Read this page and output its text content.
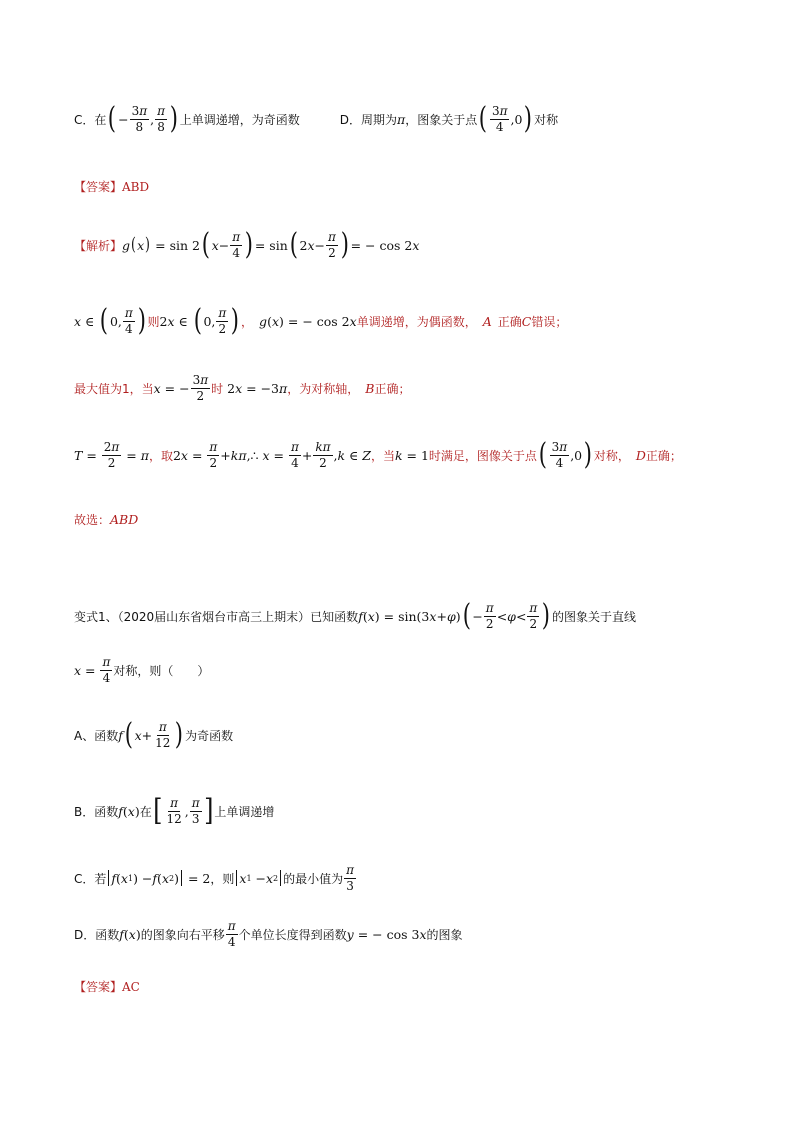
C．在 ( − $\frac{3\pi}{8}$ , $\frac{\pi}{8}$ ) 上单调递增，为奇函数	D．周期为 π ，图象关于点 ( $\frac{3\pi}{4} ,0$ ) 对称
【答案】 ABD
【解析】 g ( x ) = sin 2 ( $x - \frac{\pi}{4}$ ) = sin ( 2 $x - \frac{\pi}{2}$ ) = − cos 2 x
x ∈ ( 0, $\frac{\pi}{4}$ ) 则 2 x ∈ ( 0, $\frac{\pi}{2}$ ) ， g ( x ) = − cos 2 x 单调递增，为偶函数， A 正确 C 错误；
最大值为1，当 x = − $\frac{3\pi}{2}$ 时 2 x = −3 π ，为对称轴， B 正确；
$T = \frac{2\pi}{2} = \pi$ ，取 2 $x = \frac{\pi}{2} + k\pi$ ,∴ $x = \frac{\pi}{4} + \frac{k\pi}{2}$ , k ∈ Z ，当 k = 1 时满足，图像关于点 ( $\frac{3\pi}{4} ,0$ ) 对称， D 正确；
故选： ABD
变式1、（2020届山东省烟台市高三上期末）已知函数 f ( x ) = sin (3 x + φ ) ( − $\frac{\pi}{2} < \varphi < \frac{\pi}{2}$ ) 的图象关于直线
$x = \frac{\pi}{4}$ 对称，则（　　）
A、函数 f ( $x + \frac{\pi}{12}$ ) 为奇函数
B．函数 f ( x ) 在 [ $\frac{\pi}{12}$ , $\frac{\pi}{3}$ ] 上单调递增
C．若 f ( x 1 ) − f ( x 2 ) = 2 ，则 x 1 − x 2 的最小值为 $\frac{\pi}{3}$
D．函数 f ( x ) 的图象向右平移 $\frac{\pi}{4}$ 个单位长度得到函数 y = − cos 3 x 的图象
【答案】 AC
